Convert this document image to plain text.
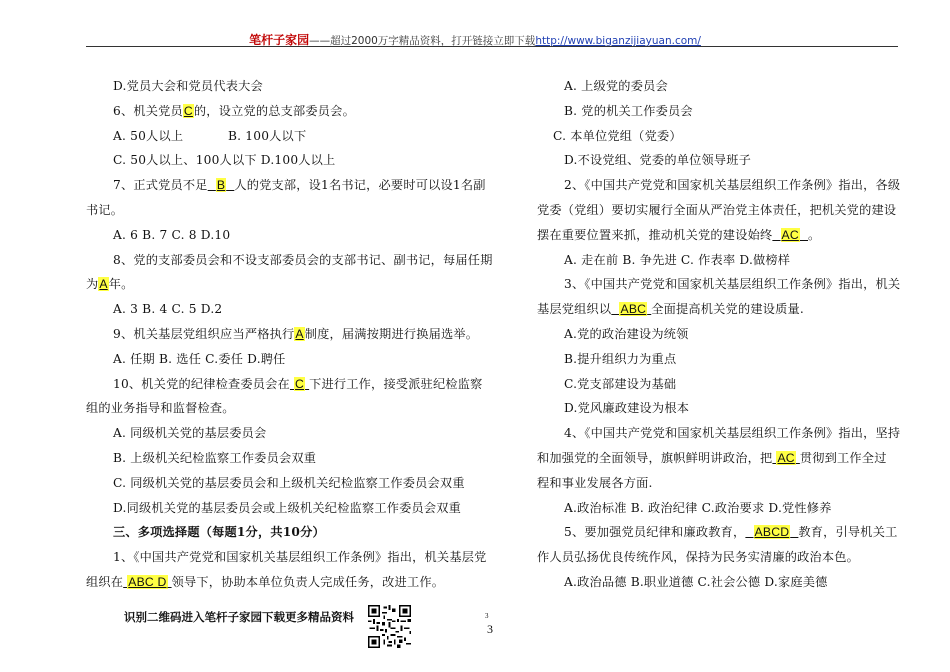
笔杆子家园——超过2000万字精品资料，打开链接立即下载http://www.biganzijiayuan.com/
D.党员大会和党员代表大会
6、机关党员C的，设立党的总支部委员会。
A. 50人以上	B. 100人以下
C. 50人以上、100人以下 D.100人以上
7、正式党员不足 B 人的党支部，设1名书记，必要时可以设1名副
书记。
A. 6 B. 7 C. 8 D.10
8、党的支部委员会和不设支部委员会的支部书记、副书记，每届任期
为A年。
A. 3 B. 4 C. 5 D.2
9、机关基层党组织应当严格执行A制度，届满按期进行换届选举。
A. 任期 B. 选任 C.委任 D.聘任
10、机关党的纪律检查委员会在 C 下进行工作，接受派驻纪检监察
组的业务指导和监督检查。
A. 同级机关党的基层委员会
B. 上级机关纪检监察工作委员会双重
C. 同级机关党的基层委员会和上级机关纪检监察工作委员会双重
D.同级机关党的基层委员会或上级机关纪检监察工作委员会双重
三、多项选择题（每题1分，共10分）
1、《中国共产党党和国家机关基层组织工作条例》指出，机关基层党
组织在 ABC D 领导下，协助本单位负责人完成任务，改进工作。
A. 上级党的委员会
B. 党的机关工作委员会
C. 本单位党组（党委）
D.不设党组、党委的单位领导班子
2、《中国共产党党和国家机关基层组织工作条例》指出，各级
党委（党组）要切实履行全面从严治党主体责任，把机关党的建设
摆在重要位置来抓，推动机关党的建设始终 AC 。
A. 走在前 B. 争先进 C. 作表率 D.做榜样
3、《中国共产党党和国家机关基层组织工作条例》指出，机关
基层党组织以 ABC 全面提高机关党的建设质量.
A.党的政治建设为统领
B.提升组织力为重点
C.党支部建设为基础
D.党风廉政建设为根本
4、《中国共产党党和国家机关基层组织工作条例》指出，坚持
和加强党的全面领导，旗帜鲜明讲政治，把 AC 贯彻到工作全过
程和事业发展各方面.
A.政治标准 B. 政治纪律 C.政治要求 D.党性修养
5、要加强党员纪律和廉政教育， ABCD 教育，引导机关工
作人员弘扬优良传统作风，保持为民务实清廉的政治本色。
A.政治品德 B.职业道德 C.社会公德 D.家庭美德
识别二维码进入笔杆子家园下载更多精品资料	3
3
